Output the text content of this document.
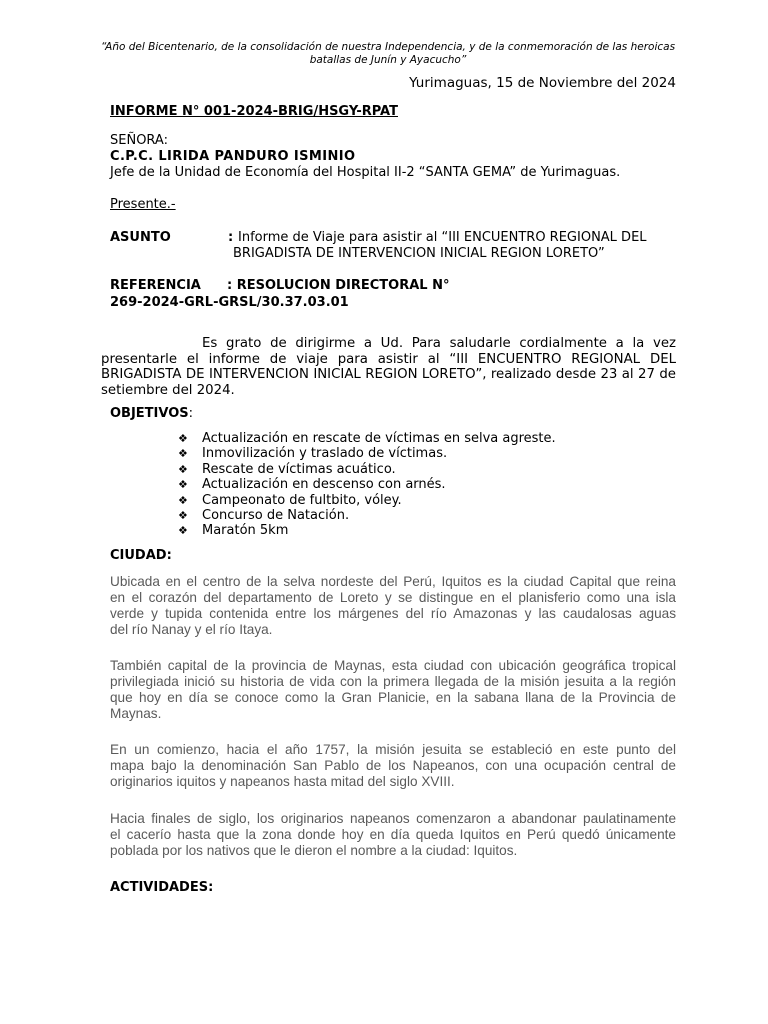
“Año del Bicentenario, de la consolidación de nuestra Independencia, y de la conmemoración de las heroicas batallas de Junín y Ayacucho”
Yurimaguas, 15 de Noviembre del 2024
INFORME N° 001-2024-BRIG/HSGY-RPAT
SEÑORA:
C.P.C. LIRIDA PANDURO ISMINIO
Jefe de la Unidad de Economía del Hospital II-2 “SANTA GEMA” de Yurimaguas.
Presente.-
ASUNTO	: Informe de Viaje para asistir al “III ENCUENTRO REGIONAL DEL
BRIGADISTA DE INTERVENCION INICIAL REGION LORETO”
REFERENCIA : RESOLUCION DIRECTORAL N°
269-2024-GRL-GRSL/30.37.03.01
Es grato de dirigirme a Ud. Para saludarle cordialmente a la vez
presentarle el informe de viaje para asistir al “III ENCUENTRO REGIONAL DEL
BRIGADISTA DE INTERVENCION INICIAL REGION LORETO”, realizado desde 23 al 27 de
setiembre del 2024.
OBJETIVOS:
❖	Actualización en rescate de víctimas en selva agreste.
❖	Inmovilización y traslado de víctimas.
❖	Rescate de víctimas acuático.
❖	Actualización en descenso con arnés.
❖	Campeonato de fultbito, vóley.
❖	Concurso de Natación.
❖	Maratón 5km
CIUDAD:
Ubicada en el centro de la selva nordeste del Perú, Iquitos es la ciudad Capital que reina
en el corazón del departamento de Loreto y se distingue en el planisferio como una isla
verde y tupida contenida entre los márgenes del río Amazonas y las caudalosas aguas
del río Nanay y el río Itaya.
También capital de la provincia de Maynas, esta ciudad con ubicación geográfica tropical
privilegiada inició su historia de vida con la primera llegada de la misión jesuita a la región
que hoy en día se conoce como la Gran Planicie, en la sabana llana de la Provincia de
Maynas.
En un comienzo, hacia el año 1757, la misión jesuita se estableció en este punto del
mapa bajo la denominación San Pablo de los Napeanos, con una ocupación central de
originarios iquitos y napeanos hasta mitad del siglo XVIII.
Hacia finales de siglo, los originarios napeanos comenzaron a abandonar paulatinamente
el cacerío hasta que la zona donde hoy en día queda Iquitos en Perú quedó únicamente
poblada por los nativos que le dieron el nombre a la ciudad: Iquitos.
ACTIVIDADES:
